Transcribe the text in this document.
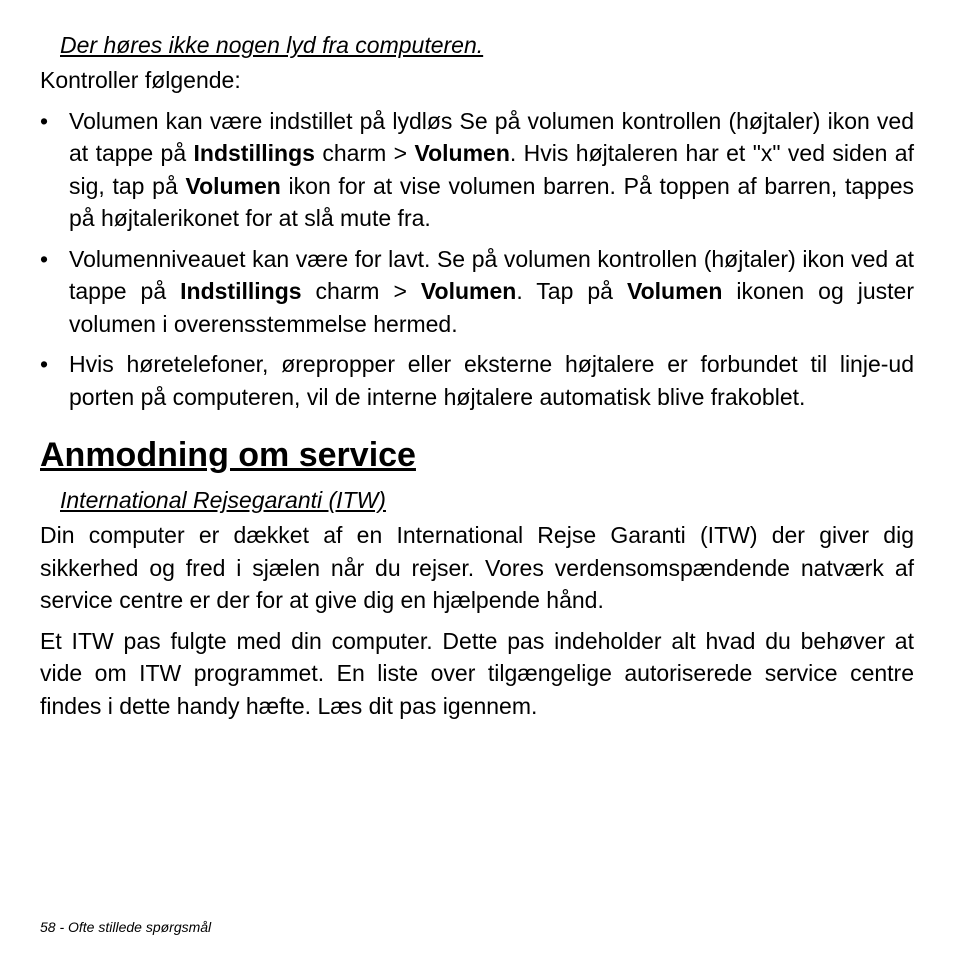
Der høres ikke nogen lyd fra computeren.

Kontroller følgende:

• Volumen kan være indstillet på lydløs Se på volumen kontrollen (højtaler) ikon ved at tappe på Indstillings charm > Volumen. Hvis højtaleren har et "x" ved siden af sig, tap på Volumen ikon for at vise volumen barren. På toppen af barren, tappes på højtalerikonet for at slå mute fra.
• Volumenniveauet kan være for lavt. Se på volumen kontrollen (højtaler) ikon ved at tappe på Indstillings charm > Volumen. Tap på Volumen ikonen og juster volumen i overensstemmelse hermed.
• Hvis høretelefoner, ørepropper eller eksterne højtalere er forbundet til linje-ud porten på computeren, vil de interne højtalere automatisk blive frakoblet.
Anmodning om service
International Rejsegaranti (ITW)

Din computer er dækket af en International Rejse Garanti (ITW) der giver dig sikkerhed og fred i sjælen når du rejser. Vores verdensomspændende natværk af service centre er der for at give dig en hjælpende hånd.

Et ITW pas fulgte med din computer. Dette pas indeholder alt hvad du behøver at vide om ITW programmet. En liste over tilgængelige autoriserede service centre findes i dette handy hæfte. Læs dit pas igennem.

58 - Ofte stillede spørgsmål
